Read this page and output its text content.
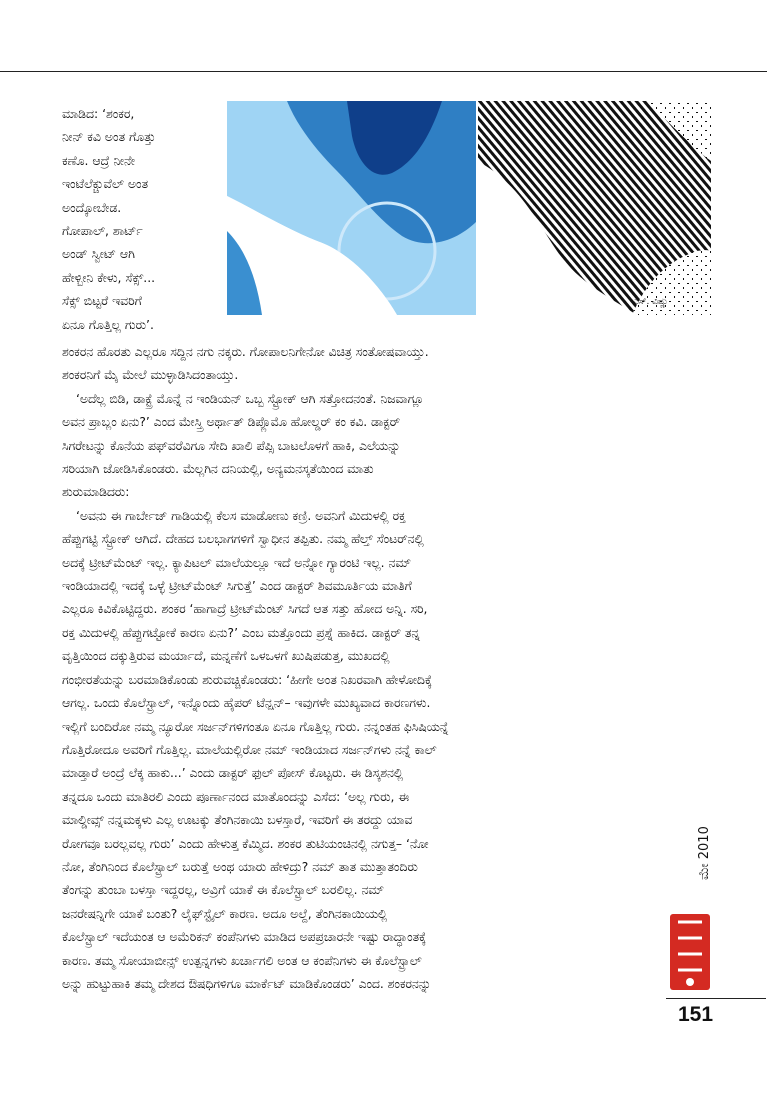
ಮಾಡಿದ: ‘ಶಂಕರ,
ನೀನ್ ಕವಿ ಅಂತ ಗೊತ್ತು
ಕಣೊ. ಆದ್ರೆ ನೀನೇ
ಇಂಟೆಲೆಕ್ಚುವೆಲ್ ಅಂತ
ಅಂದ್ಕೋಬೇಡ.
ಗೋಪಾಲ್, ಶಾರ್ಟ್
ಅಂಡ್ ಸ್ವೀಟ್ ಆಗಿ
ಹೇಳ್ಬೀನಿ ಕೇಳು, ಸೆಕ್ಸ್...
ಸೆಕ್ಸ್ ಬಿಟ್ಟರೆ ಇವರಿಗೆ
ಏನೂ ಗೊತ್ತಿಲ್ಲ ಗುರು’.
ಎಸ್. ವಿಷ್ಣು
ಶಂಕರನ ಹೊರತು ಎಲ್ಲರೂ ಸದ್ದಿನ ನಗು ನಕ್ಕರು. ಗೋಪಾಲನಿಗೇನೋ ವಿಚಿತ್ರ ಸಂತೋಷವಾಯ್ತು.
ಶಂಕರನಿಗೆ ಮೈ ಮೇಲೆ ಮುಳ್ಳಾಡಿಸಿದಂತಾಯ್ತು.
‘ಅದೆಲ್ಲ ಬಿಡಿ, ಡಾಕ್ಟ್ರೆ ಮೊನ್ನೆ ನ ಇಂಡಿಯನ್ ಒಬ್ಬ ಸ್ಟ್ರೋಕ್ ಆಗಿ ಸತ್ತೋದನಂತೆ. ನಿಜವಾಗ್ಲೂ
ಅವನ ಪ್ರಾಬ್ಲಂ ಏನು?’ ಎಂದ ಮೇಸ್ತ್ರಿ ಅರ್ಥಾತ್ ಡಿಪ್ಲೊಮೊ ಹೋಲ್ಡರ್ ಕಂ ಕವಿ. ಡಾಕ್ಟರ್
ಸಿಗರೇಟನ್ನು ಕೊನೆಯ ಪಫ್‌ವರೆವಿಗೂ ಸೇದಿ ಖಾಲಿ ಪೆಪ್ಸಿ ಬಾಟಲೊಳಗೆ ಹಾಕಿ, ಎಲೆಯನ್ನು
ಸರಿಯಾಗಿ ಜೋಡಿಸಿಕೊಂಡರು. ಮೆಲ್ಲಗಿನ ದನಿಯಲ್ಲಿ, ಅನ್ಯಮನಸ್ಕತೆಯಿಂದ ಮಾತು
ಶುರುಮಾಡಿದರು:
‘ಅವನು ಈ ಗಾರ್ಬೇಜ್ ಗಾಡಿಯಲ್ಲಿ ಕೆಲಸ ಮಾಡೋಣು ಕಣ್ರಿ. ಅವನಿಗೆ ಮಿದುಳಲ್ಲಿ ರಕ್ತ
ಹೆಪ್ಪುಗಟ್ಟಿ ಸ್ಟ್ರೋಕ್ ಆಗಿದೆ. ದೇಹದ ಬಲಭಾಗಗಳಿಗೆ ಸ್ವಾಧೀನ ತಪ್ಪಿತು. ನಮ್ಮ ಹೆಲ್ತ್ ಸೆಂಟರ್‌ನಲ್ಲಿ
ಅದಕ್ಕೆ ಟ್ರೀಟ್‌ಮೆಂಟ್ ಇಲ್ಲ. ಕ್ಯಾಪಿಟಲ್ ಮಾಲೆಯಲ್ಲೂ ಇದೆ ಅನ್ನೋ ಗ್ಯಾರಂಟಿ ಇಲ್ಲ. ನಮ್
ಇಂಡಿಯಾದಲ್ಲಿ ಇದಕ್ಕೆ ಒಳ್ಳೆ ಟ್ರೀಟ್‌ಮೆಂಟ್ ಸಿಗುತ್ತೆ’ ಎಂದ ಡಾಕ್ಟರ್ ಶಿವಮೂರ್ತಿಯ ಮಾತಿಗೆ
ಎಲ್ಲರೂ ಕಿವಿಕೊಟ್ಟಿದ್ದರು. ಶಂಕರ ‘ಹಾಗಾದ್ರೆ ಟ್ರೀಟ್‌ಮೆಂಟ್ ಸಿಗದೆ ಆತ ಸತ್ತು ಹೋದ ಅನ್ನಿ. ಸರಿ,
ರಕ್ತ ಮಿದುಳಲ್ಲಿ ಹೆಪ್ಪುಗಟ್ಟೋಕೆ ಕಾರಣ ಏನು?’ ಎಂಬ ಮತ್ತೊಂದು ಪ್ರಶ್ನೆ ಹಾಕಿದ. ಡಾಕ್ಟರ್ ತನ್ನ
ವೃತ್ತಿಯಿಂದ ದಕ್ಕುತ್ತಿರುವ ಮರ್ಯಾದೆ, ಮನ್ನಣೆಗೆ ಒಳಒಳಗೆ ಖುಷಿಪಡುತ್ತ, ಮುಖದಲ್ಲಿ
ಗಂಭೀರತೆಯನ್ನು ಬರಮಾಡಿಕೊಂಡು ಶುರುವಚ್ಚಿಕೊಂಡರು: ‘ಹೀಗೇ ಅಂತ ನಿಖರವಾಗಿ ಹೇಳೋದಿಕ್ಕೆ
ಆಗಲ್ಲ. ಒಂದು ಕೊಲೆಸ್ಟ್ರಾಲ್, ಇನ್ನೊಂದು ಹೈಪರ್ ಟೆನ್ಷನ್– ಇವುಗಳೇ ಮುಖ್ಯವಾದ ಕಾರಣಗಳು.
ಇಲ್ಲಿಗೆ ಬಂದಿರೋ ನಮ್ಮ ನ್ಯೂರೋ ಸರ್ಜನ್‌ಗಳಿಗಂತೂ ಏನೂ ಗೊತ್ತಿಲ್ಲ ಗುರು. ನನ್ನಂತಹ ಫಿಸಿಷಿಯನ್ನೆ
ಗೊತ್ತಿರೋದೂ ಅವರಿಗೆ ಗೊತ್ತಿಲ್ಲ. ಮಾಲೆಯಲ್ಲಿರೋ ನಮ್ ಇಂಡಿಯಾದ ಸರ್ಜನ್‌ಗಳು ನನ್ನೆ ಕಾಲ್
ಮಾಡ್ತಾರೆ ಅಂದ್ರೆ ಲೆಕ್ಕ ಹಾಕು...’ ಎಂದು ಡಾಕ್ಟರ್ ಫುಲ್ ಪೋಸ್ ಕೊಟ್ಟರು. ಈ ಡಿಸ್ಕಶನಲ್ಲಿ
ತನ್ನದೂ ಒಂದು ಮಾತಿರಲಿ ಎಂದು ಪೂರ್ಣಾನಂದ ಮಾತೊಂದನ್ನು ಎಸೆದ: ‘ಅಲ್ಲ ಗುರು, ಈ
ಮಾಲ್ಡೀವ್ಸ್ ನನ್ನಮಕ್ಕಳು ಎಲ್ಲ ಊಟಕ್ಕು ತೆಂಗಿನಕಾಯಿ ಬಳಸ್ತಾರೆ, ಇವರಿಗೆ ಈ ತರದ್ದು ಯಾವ
ರೋಗವೂ ಬರಲ್ಲವಲ್ಲ ಗುರು’ ಎಂದು ಹೇಳುತ್ತ ಕೆಮ್ಮಿದ. ಶಂಕರ ತುಟಿಯಂಚಿನಲ್ಲಿ ನಗುತ್ತ– ‘ನೋ
ನೋ, ತೆಂಗಿನಿಂದ ಕೊಲೆಸ್ಟ್ರಾಲ್ ಬರುತ್ತೆ ಅಂಥ ಯಾರು ಹೇಳಿದ್ರು? ನಮ್ ತಾತ ಮುತ್ತಾತಂದಿರು
ತೆಂಗನ್ನು ತುಂಬಾ ಬಳಸ್ತಾ ಇದ್ದರಲ್ಲ, ಅವ್ರಿಗೆ ಯಾಕೆ ಈ ಕೊಲೆಸ್ಟ್ರಾಲ್ ಬರಲಿಲ್ಲ. ನಮ್
ಜನರೇಷನ್ನಿಗೇ ಯಾಕೆ ಬಂತು? ಲೈಫ್‌ಸ್ಟೈಲ್ ಕಾರಣ. ಅದೂ ಅಲ್ದೆ, ತೆಂಗಿನಕಾಯಿಯಲ್ಲಿ
ಕೊಲೆಸ್ಟ್ರಾಲ್ ಇದೆಯಂತ ಆ ಅಮೆರಿಕನ್ ಕಂಪೆನಿಗಳು ಮಾಡಿದ ಅಪಪ್ರಚಾರನೇ ಇಷ್ಟು ರಾದ್ಧಾಂತಕ್ಕೆ
ಕಾರಣ. ತಮ್ಮ ಸೋಯಾಬೀನ್ಸ್ ಉತ್ಪನ್ನಗಳು ಖರ್ಚಾಗಲಿ ಅಂತ ಆ ಕಂಪೆನಿಗಳು ಈ ಕೊಲೆಸ್ಟ್ರಾಲ್
ಅನ್ನು ಹುಟ್ಟುಹಾಕಿ ತಮ್ಮ ದೇಶದ ಔಷಧಿಗಳಿಗೂ ಮಾರ್ಕೆಟ್ ಮಾಡಿಕೊಂಡರು’ ಎಂದ. ಶಂಕರನನ್ನು
ಮೇ 2010
151
